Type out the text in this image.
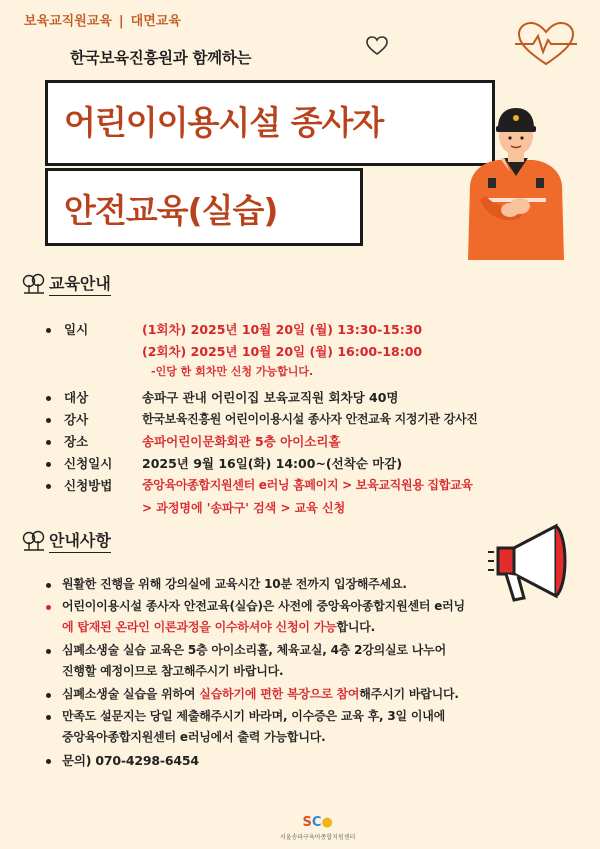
보육교직원교육 | 대면교육
한국보육진흥원과 함께하는
어린이이용시설 종사자
안전교육(실습)
교육안내
일시	(1회차) 2025년 10월 20일 (월) 13:30-15:30
(2회차) 2025년 10월 20일 (월) 16:00-18:00
-인당 한 회차만 신청 가능합니다.
대상	송파구 관내 어린이집 보육교직원 회차당 40명
강사	한국보육진흥원 어린이이용시설 종사자 안전교육 지정기관 강사진
장소	송파어린이문화회관 5층 아이소리홀
신청일시 2025년 9월 16일(화) 14:00~(선착순 마감)
신청방법 중앙육아종합지원센터 e러닝 홈페이지 > 보육교직원용 집합교육
> 과정명에 '송파구' 검색 > 교육 신청
안내사항
원활한 진행을 위해 강의실에 교육시간 10분 전까지 입장해주세요.
어린이이용시설 종사자 안전교육(실습)은 사전에 중앙육아종합지원센터 e러닝
에 탑재된 온라인 이론과정을 이수하셔야 신청이 가능합니다.
심폐소생술 실습 교육은 5층 아이소리홀, 체육교실, 4층 2강의실로 나누어
진행할 예정이므로 참고해주시기 바랍니다.
심폐소생술 실습을 위하여 실습하기에 편한 복장으로 참여해주시기 바랍니다.
만족도 설문지는 당일 제출해주시기 바라며, 이수증은 교육 후, 3일 이내에
중앙육아종합지원센터 e러닝에서 출력 가능합니다.
문의) 070-4298-6454
SC●
서울송파구육아종합지원센터
